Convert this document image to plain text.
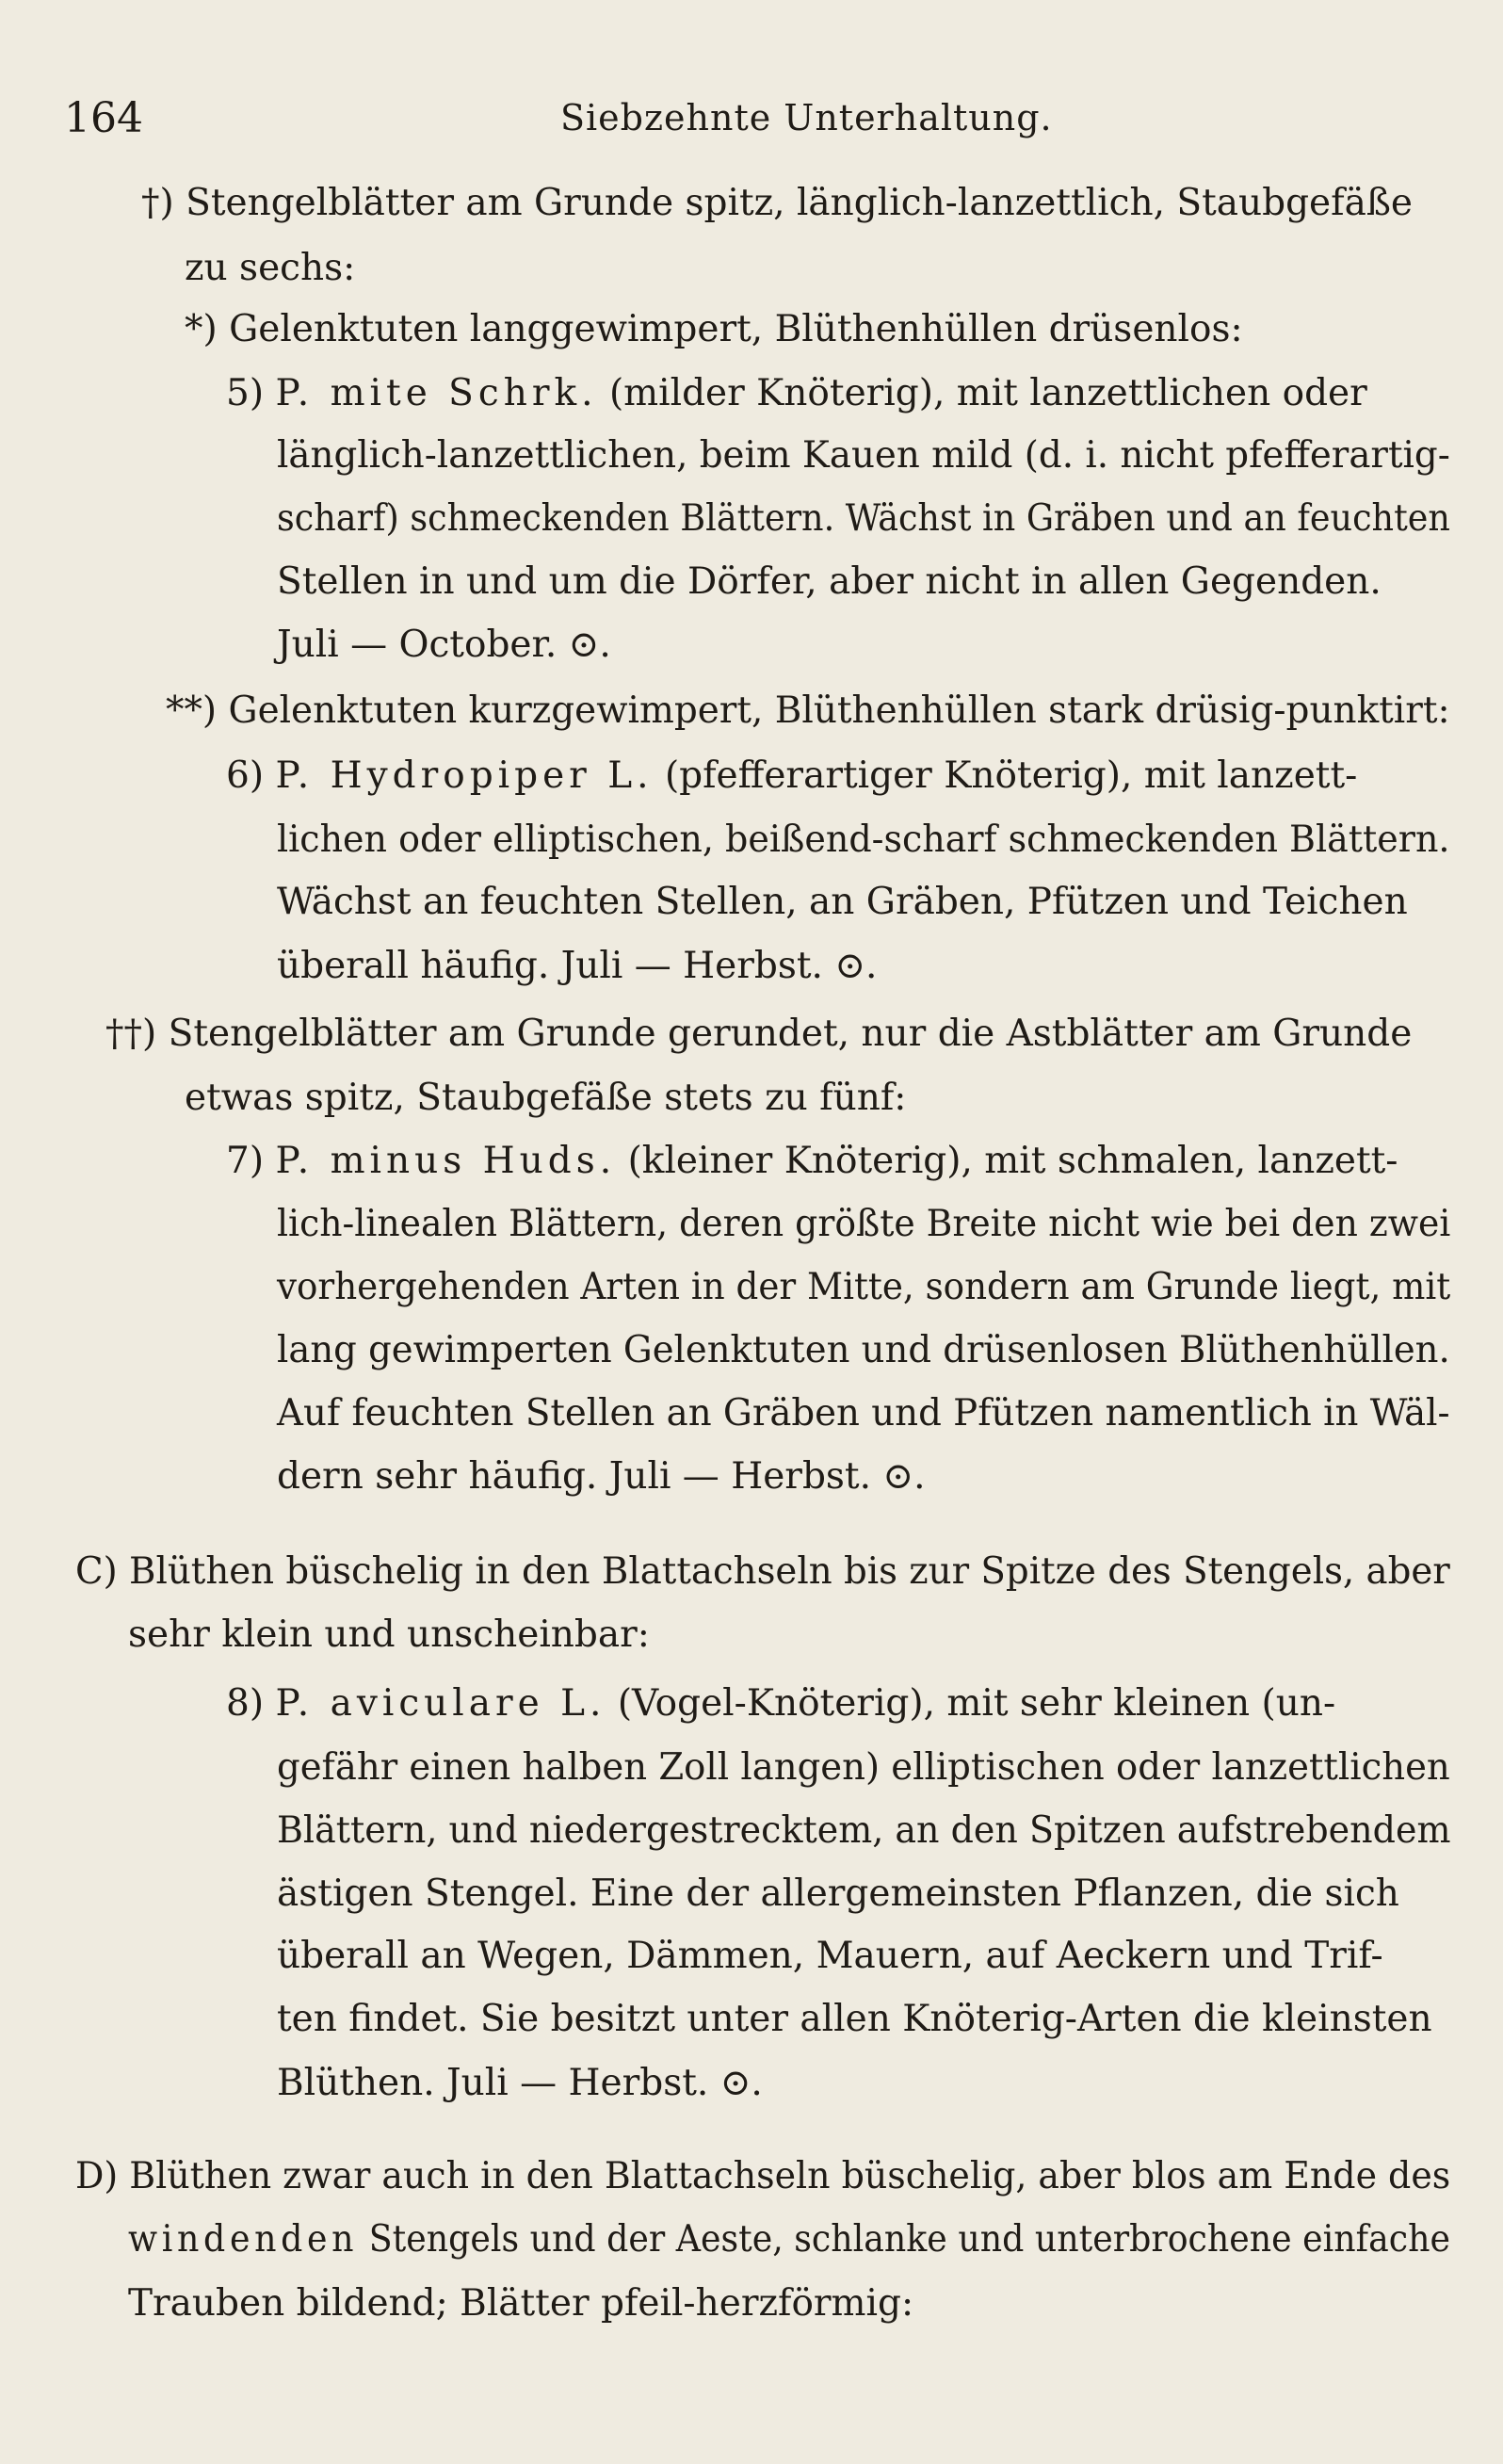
164	Siebzehnte Unterhaltung.
†) Stengelblätter am Grunde spitz, länglich-lanzettlich, Staubgefäße
zu sechs:
*) Gelenktuten langgewimpert, Blüthenhüllen drüsenlos:
5) P. mite Schrk. (milder Knöterig), mit lanzettlichen oder
länglich-lanzettlichen, beim Kauen mild (d. i. nicht pfefferartig-
scharf) schmeckenden Blättern. Wächst in Gräben und an feuchten
Stellen in und um die Dörfer, aber nicht in allen Gegenden.
Juli — October. ⊙.
**) Gelenktuten kurzgewimpert, Blüthenhüllen stark drüsig-punktirt:
6) P. Hydropiper L. (pfefferartiger Knöterig), mit lanzett-
lichen oder elliptischen, beißend-scharf schmeckenden Blättern.
Wächst an feuchten Stellen, an Gräben, Pfützen und Teichen
überall häufig. Juli — Herbst. ⊙.
††) Stengelblätter am Grunde gerundet, nur die Astblätter am Grunde
etwas spitz, Staubgefäße stets zu fünf:
7) P. minus Huds. (kleiner Knöterig), mit schmalen, lanzett-
lich-linealen Blättern, deren größte Breite nicht wie bei den zwei
vorhergehenden Arten in der Mitte, sondern am Grunde liegt, mit
lang gewimperten Gelenktuten und drüsenlosen Blüthenhüllen.
Auf feuchten Stellen an Gräben und Pfützen namentlich in Wäl-
dern sehr häufig. Juli — Herbst. ⊙.
C) Blüthen büschelig in den Blattachseln bis zur Spitze des Stengels, aber
sehr klein und unscheinbar:
8) P. aviculare L. (Vogel-Knöterig), mit sehr kleinen (un-
gefähr einen halben Zoll langen) elliptischen oder lanzettlichen
Blättern, und niedergestrecktem, an den Spitzen aufstrebendem
ästigen Stengel. Eine der allergemeinsten Pflanzen, die sich
überall an Wegen, Dämmen, Mauern, auf Aeckern und Trif-
ten findet. Sie besitzt unter allen Knöterig-Arten die kleinsten
Blüthen. Juli — Herbst. ⊙.
D) Blüthen zwar auch in den Blattachseln büschelig, aber blos am Ende des
windenden Stengels und der Aeste, schlanke und unterbrochene einfache
Trauben bildend; Blätter pfeil-herzförmig:
